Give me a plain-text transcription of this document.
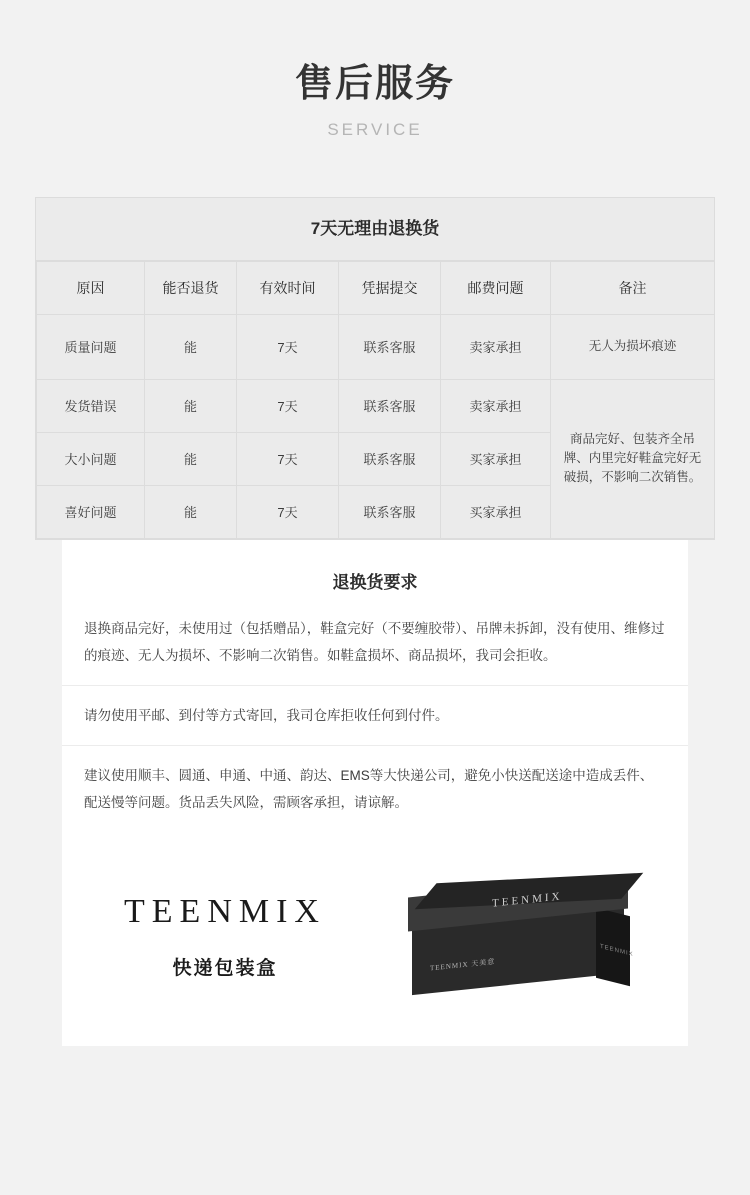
售后服务
SERVICE
7天无理由退换货
原因	能否退货	有效时间	凭据提交	邮费问题	备注
质量问题	能	7天	联系客服	卖家承担	无人为损坏痕迹
发货错误	能	7天	联系客服	卖家承担	商品完好、包装齐全吊牌、内里完好鞋盒完好无破损，不影响二次销售。
大小问题	能	7天	联系客服	买家承担	
喜好问题	能	7天	联系客服	买家承担	
退换货要求
退换商品完好，未使用过（包括赠品），鞋盒完好（不要缠胶带）、吊牌未拆卸，没有使用、维修过的痕迹、无人为损坏、不影响二次销售。如鞋盒损坏、商品损坏，我司会拒收。
请勿使用平邮、到付等方式寄回，我司仓库拒收任何到付件。
建议使用顺丰、圆通、申通、中通、韵达、EMS等大快递公司，避免小快送配送途中造成丢件、配送慢等问题。货品丢失风险，需顾客承担，请谅解。
TEENMIX
快递包装盒
TEENMIX
TEENMIX 天美意
TEENMIX
